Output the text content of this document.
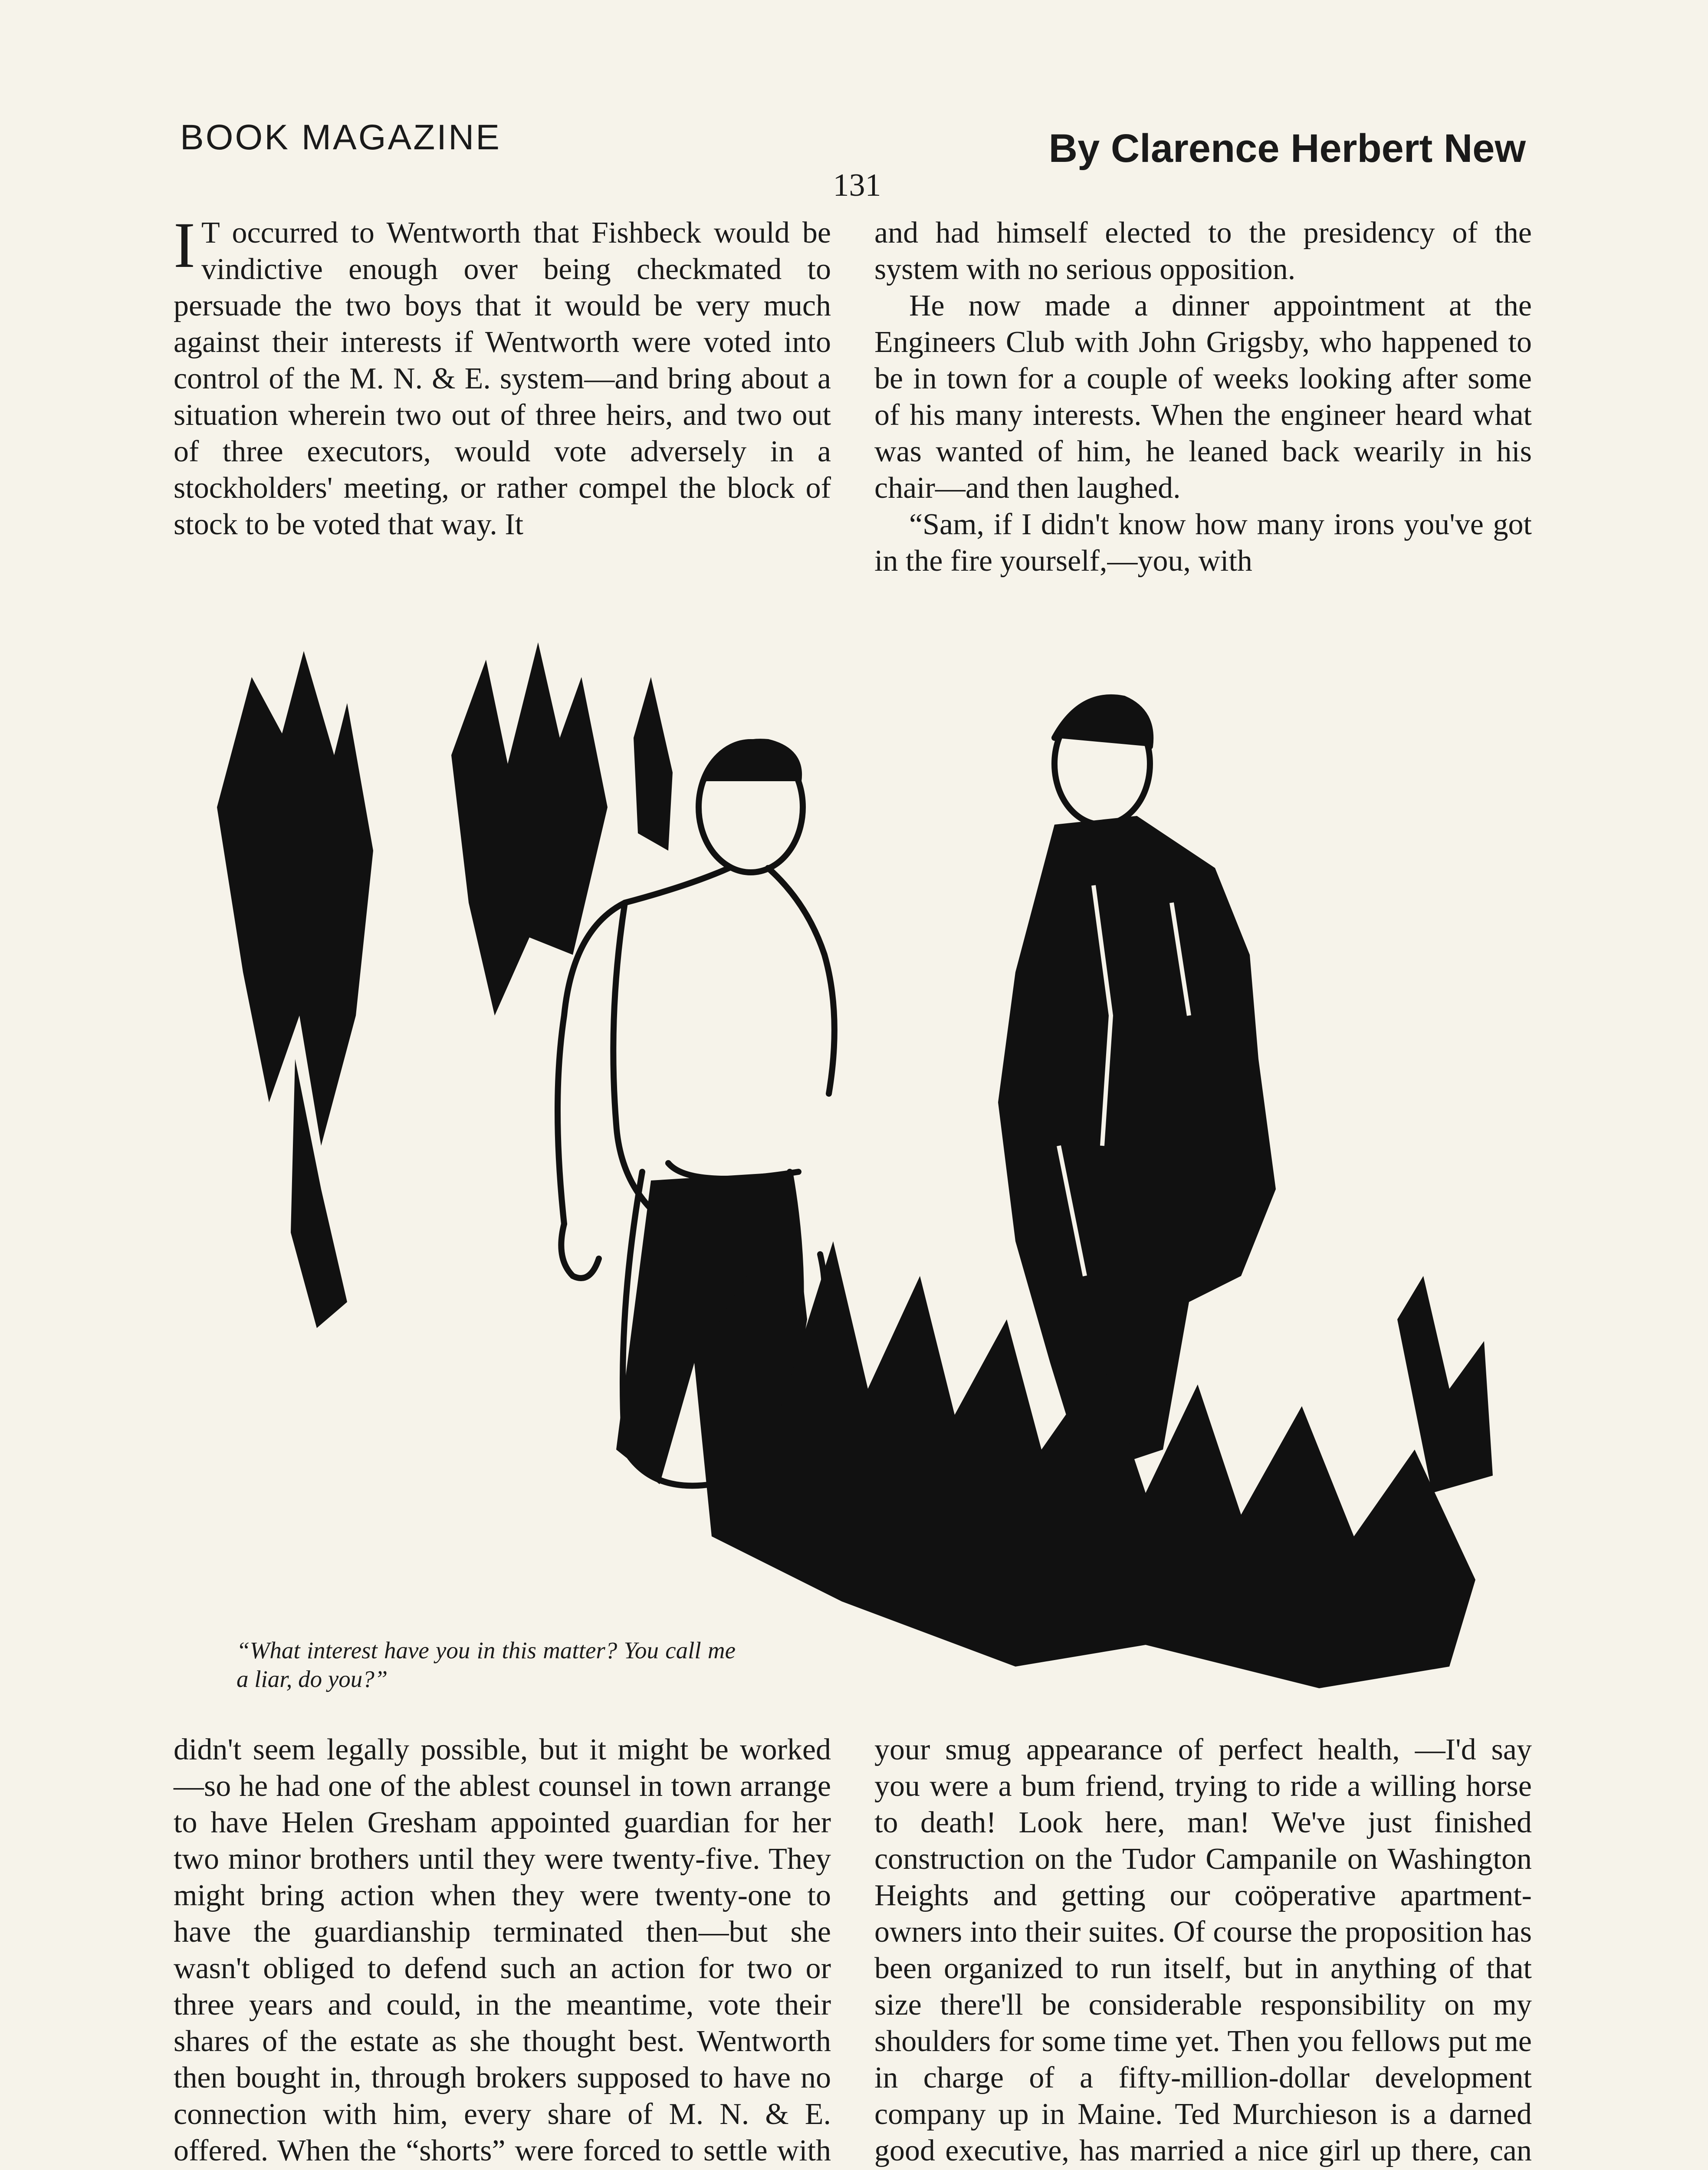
BOOK MAGAZINE	By Clarence Herbert New
131

I T occurred to Wentworth that Fishbeck would be vindictive enough over being checkmated to persuade the two boys that it would be very much against their interests if Wentworth were voted into control of the M. N. & E. system—and bring about a situation wherein two out of three heirs, and two out of three executors, would vote adversely in a stockholders' meeting, or rather compel the block of stock to be voted that way. It

and had himself elected to the presidency of the system with no serious opposition.

He now made a dinner appointment at the Engineers Club with John Grigsby, who happened to be in town for a couple of weeks looking after some of his many interests. When the engineer heard what was wanted of him, he leaned back wearily in his chair—and then laughed.

“Sam, if I didn't know how many irons you've got in the fire yourself,—you, with

“What interest have you in this matter? You call me a liar, do you?”

didn't seem legally possible, but it might be worked—so he had one of the ablest counsel in town arrange to have Helen Gresham appointed guardian for her two minor brothers until they were twenty-five. They might bring action when they were twenty-one to have the guardianship terminated then—but she wasn't obliged to defend such an action for two or three years and could, in the meantime, vote their shares of the estate as she thought best. Wentworth then bought in, through brokers supposed to have no connection with him, every share of M. N. & E. offered. When the “shorts” were forced to settle with

your smug appearance of perfect health, —I'd say you were a bum friend, trying to ride a willing horse to death! Look here, man! We've just finished construction on the Tudor Campanile on Washington Heights and getting our coöperative apartment-owners into their suites. Of course the proposition has been organized to run itself, but in anything of that size there'll be considerable responsibility on my shoulders for some time yet. Then you fellows put me in charge of a fifty-million-dollar development company up in Maine. Ted Murchieson is a darned good executive, has married a nice girl up there, can
